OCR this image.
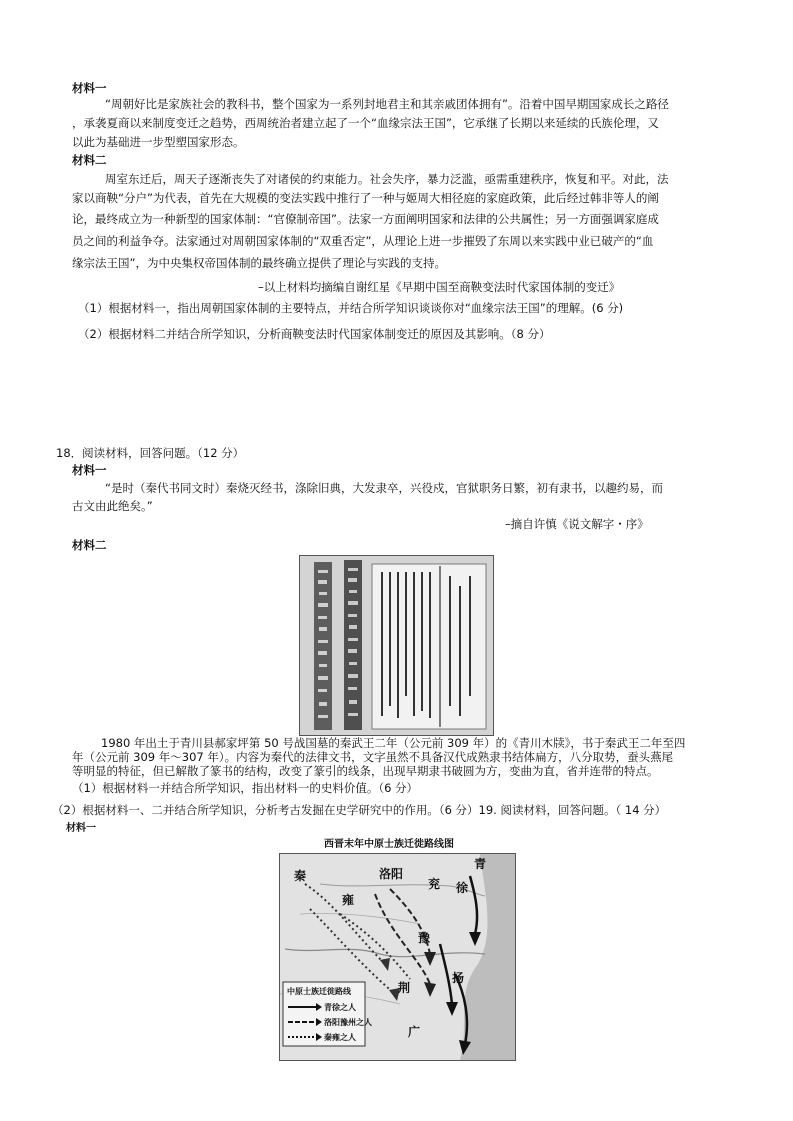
材料一
“周朝好比是家族社会的教科书，整个国家为一系列封地君主和其亲戚团体拥有”。沿着中国早期国家成长之路径
，承袭夏商以来制度变迁之趋势，西周统治者建立起了一个“血缘宗法王国”，它承继了长期以来延续的氏族伦理，又
以此为基础进一步型塑国家形态。
材料二
周室东迁后，周天子逐渐丧失了对诸侯的约束能力。社会失序，暴力泛滥，亟需重建秩序，恢复和平。对此，法
家以商鞅“分户”为代表，首先在大规模的变法实践中推行了一种与姬周大相径庭的家庭政策，此后经过韩非等人的阐
论，最终成立为一种新型的国家体制：“官僚制帝国”。法家一方面阐明国家和法律的公共属性；另一方面强调家庭成
员之间的利益争夺。法家通过对周朝国家体制的“双重否定”，从理论上进一步摧毁了东周以来实践中业已破产的“血
缘宗法王国”，为中央集权帝国体制的最终确立提供了理论与实践的支持。
–以上材料均摘编自谢红星《早期中国至商鞅变法时代家国体制的变迁》
（1）根据材料一，指出周朝国家体制的主要特点，并结合所学知识谈谈你对“血缘宗法王国”的理解。(6 分)
（2）根据材料二并结合所学知识，分析商鞅变法时代国家体制变迁的原因及其影响。（8 分）
18．阅读材料，回答问题。（12 分）
材料一
“是时（秦代书同文时）秦烧灭经书，涤除旧典，大发隶卒，兴役戍，官狱职务日繁，初有隶书，以趣约易，而
古文由此绝矣。”
–摘自许慎《说文解字・序》
材料二
1980 年出土于青川县郝家坪第 50 号战国墓的秦武王二年（公元前 309 年）的《青川木牍》，书于秦武王二年至四
年（公元前 309 年～307 年）。内容为秦代的法律文书，文字虽然不具备汉代成熟隶书结体扁方，八分取势，蚕头燕尾
等明显的特征，但已解散了篆书的结构，改变了篆引的线条，出现早期隶书破圆为方，变曲为直，省并连带的特点。
（1）根据材料一并结合所学知识，指出材料一的史料价值。（6 分）
（2）根据材料一、二并结合所学知识，分析考古发掘在史学研究中的作用。（6 分）19. 阅读材料，回答问题。（ 14 分）
材料一
西晋末年中原士族迁徙路线图
青
秦	洛阳
兖 徐
雍
豫
扬
荆
广
中原士族迁徙路线
青徐之人
洛阳豫州之人
秦雍之人
